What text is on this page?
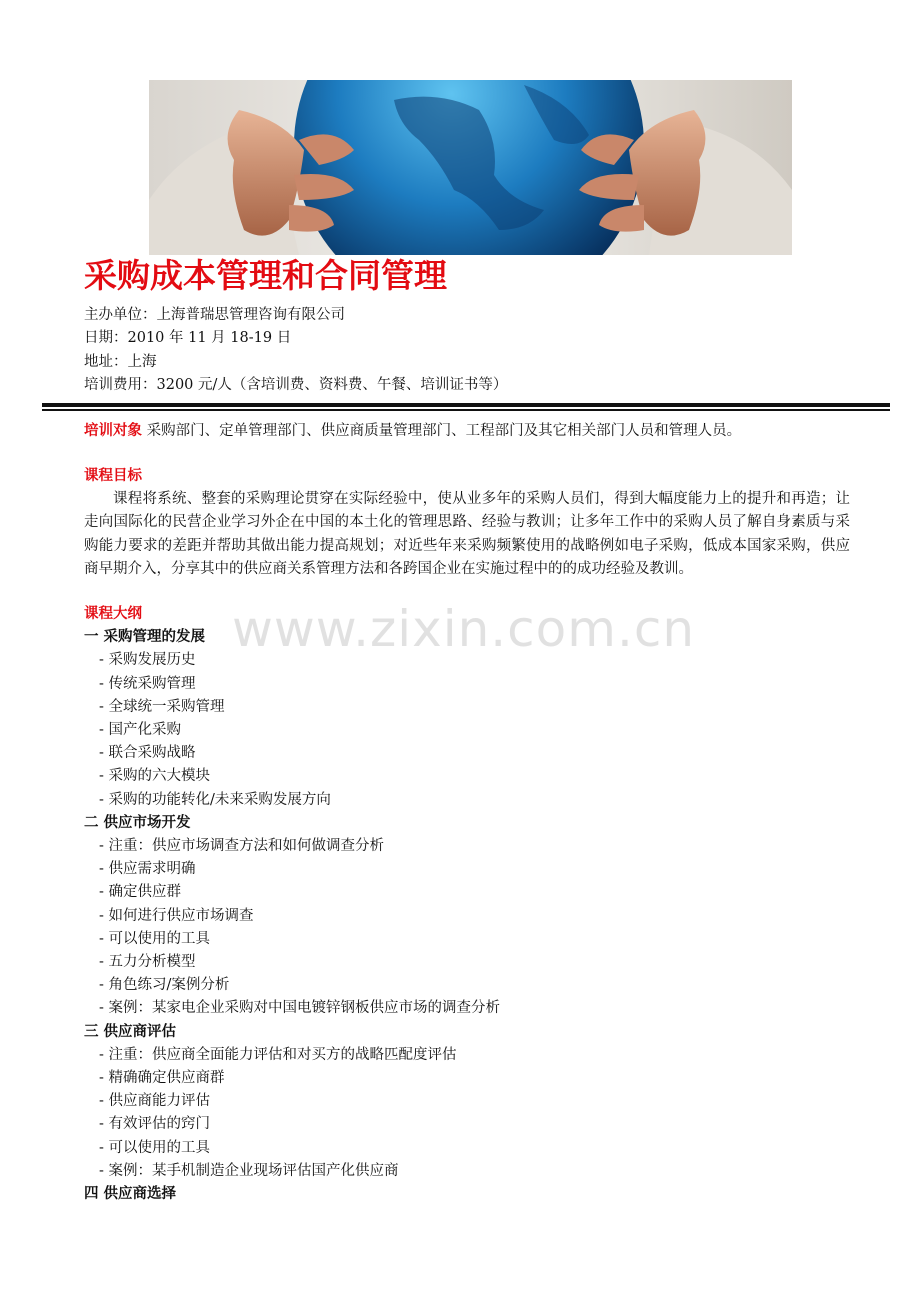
www.zixin.com.cn
采购成本管理和合同管理
主办单位：上海普瑞思管理咨询有限公司
日期：2010 年 11 月 18-19 日
地址：上海
培训费用：3200 元/人（含培训费、资料费、午餐、培训证书等）
培训对象 采购部门、定单管理部门、供应商质量管理部门、工程部门及其它相关部门人员和管理人员。
课程目标
课程将系统、整套的采购理论贯穿在实际经验中，使从业多年的采购人员们，得到大幅度能力上的提升和再造；让走向国际化的民营企业学习外企在中国的本土化的管理思路、经验与教训；让多年工作中的采购人员了解自身素质与采购能力要求的差距并帮助其做出能力提高规划；对近些年来采购频繁使用的战略例如电子采购，低成本国家采购，供应商早期介入，分享其中的供应商关系管理方法和各跨国企业在实施过程中的的成功经验及教训。
课程大纲
一 采购管理的发展
- 采购发展历史
- 传统采购管理
- 全球统一采购管理
- 国产化采购
- 联合采购战略
- 采购的六大模块
- 采购的功能转化/未来采购发展方向
二 供应市场开发
- 注重：供应市场调查方法和如何做调查分析
- 供应需求明确
- 确定供应群
- 如何进行供应市场调查
- 可以使用的工具
- 五力分析模型
- 角色练习/案例分析
- 案例：某家电企业采购对中国电镀锌钢板供应市场的调查分析
三 供应商评估
- 注重：供应商全面能力评估和对买方的战略匹配度评估
- 精确确定供应商群
- 供应商能力评估
- 有效评估的窍门
- 可以使用的工具
- 案例：某手机制造企业现场评估国产化供应商
四 供应商选择
